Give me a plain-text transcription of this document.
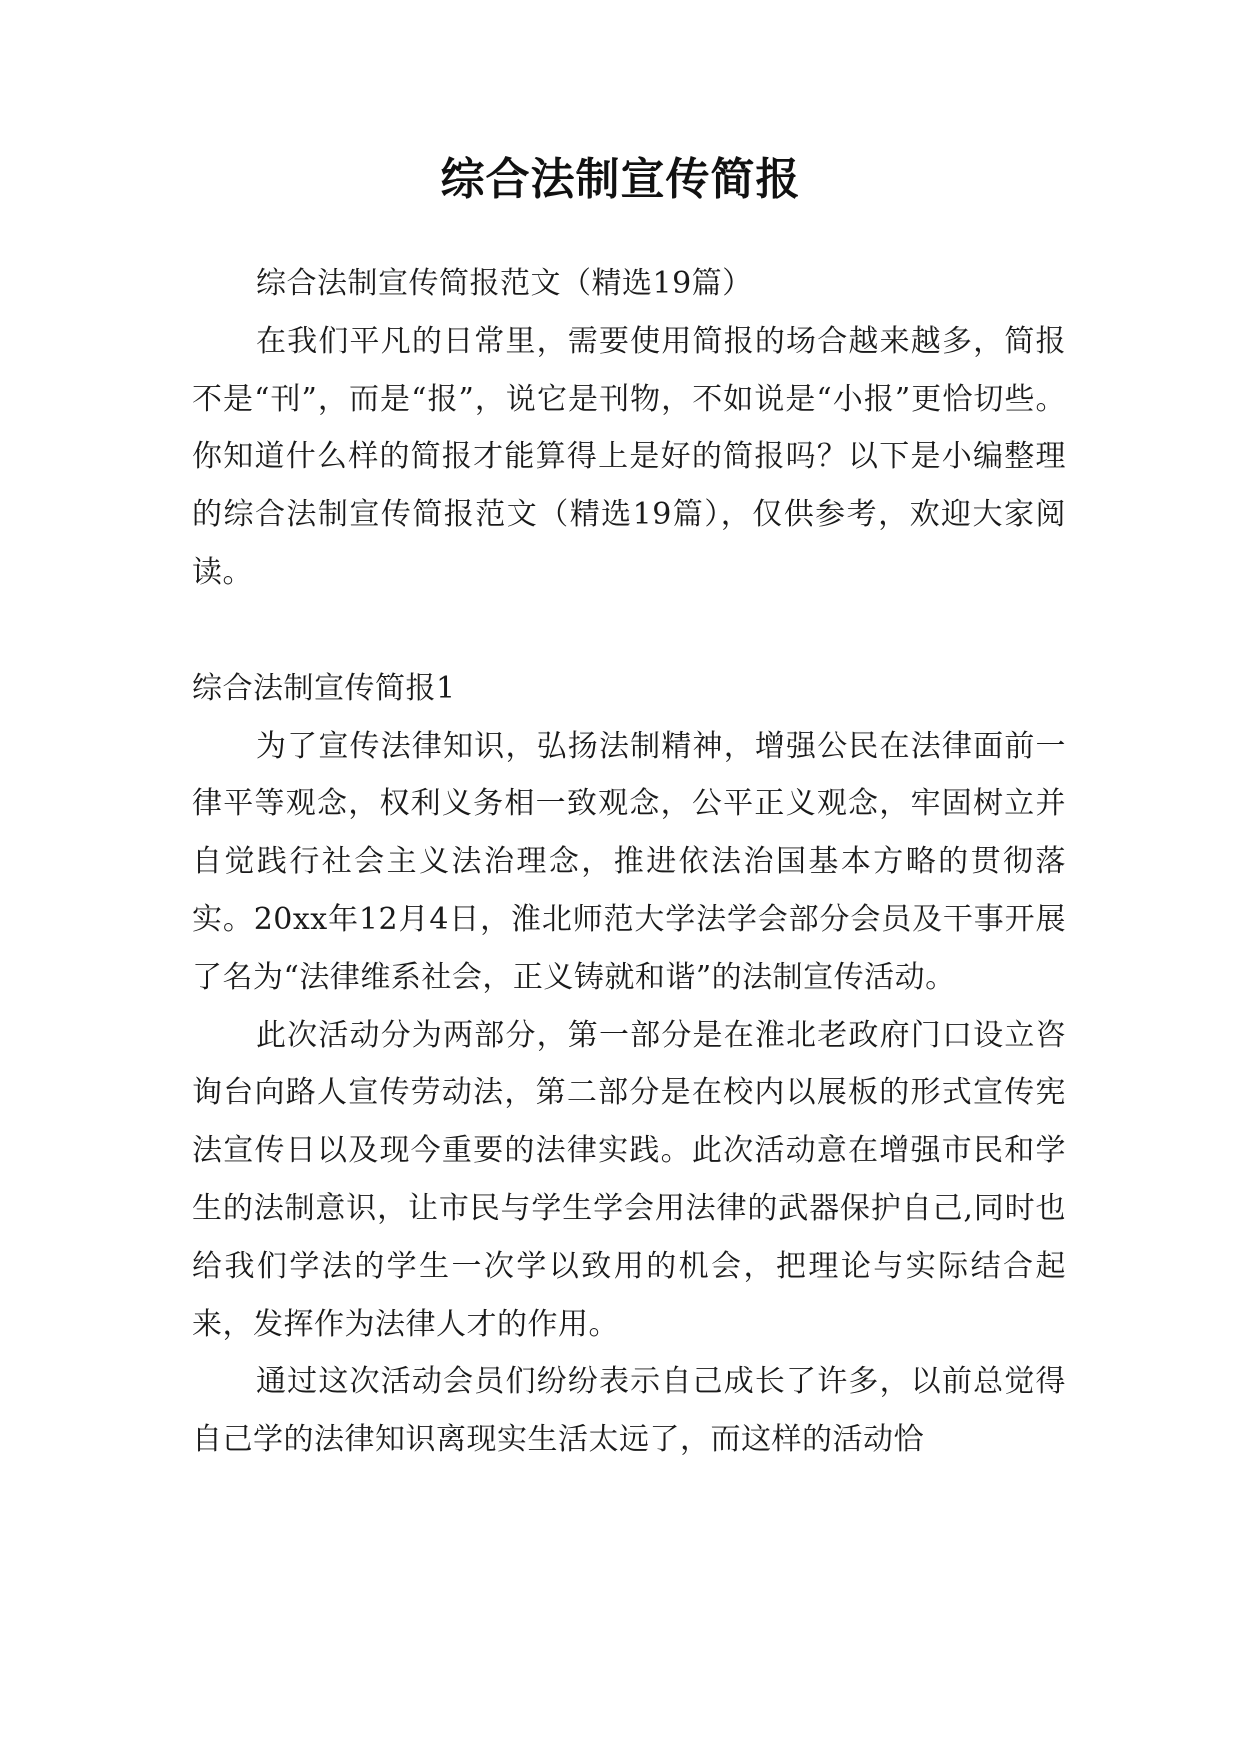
综合法制宣传简报

综合法制宣传简报范文（精选19篇）

在我们平凡的日常里，需要使用简报的场合越来越多，简报不是“刊”，而是“报”，说它是刊物，不如说是“小报”更恰切些。你知道什么样的简报才能算得上是好的简报吗？以下是小编整理的综合法制宣传简报范文（精选19篇），仅供参考，欢迎大家阅读。

综合法制宣传简报1

为了宣传法律知识，弘扬法制精神，增强公民在法律面前一律平等观念，权利义务相一致观念，公平正义观念，牢固树立并自觉践行社会主义法治理念，推进依法治国基本方略的贯彻落实。20xx年12月4日，淮北师范大学法学会部分会员及干事开展了名为“法律维系社会，正义铸就和谐”的法制宣传活动。

此次活动分为两部分，第一部分是在淮北老政府门口设立咨询台向路人宣传劳动法，第二部分是在校内以展板的形式宣传宪法宣传日以及现今重要的法律实践。此次活动意在增强市民和学生的法制意识，让市民与学生学会用法律的武器保护自己,同时也给我们学法的学生一次学以致用的机会，把理论与实际结合起来，发挥作为法律人才的作用。

通过这次活动会员们纷纷表示自己成长了许多，以前总觉得自己学的法律知识离现实生活太远了，而这样的活动恰
